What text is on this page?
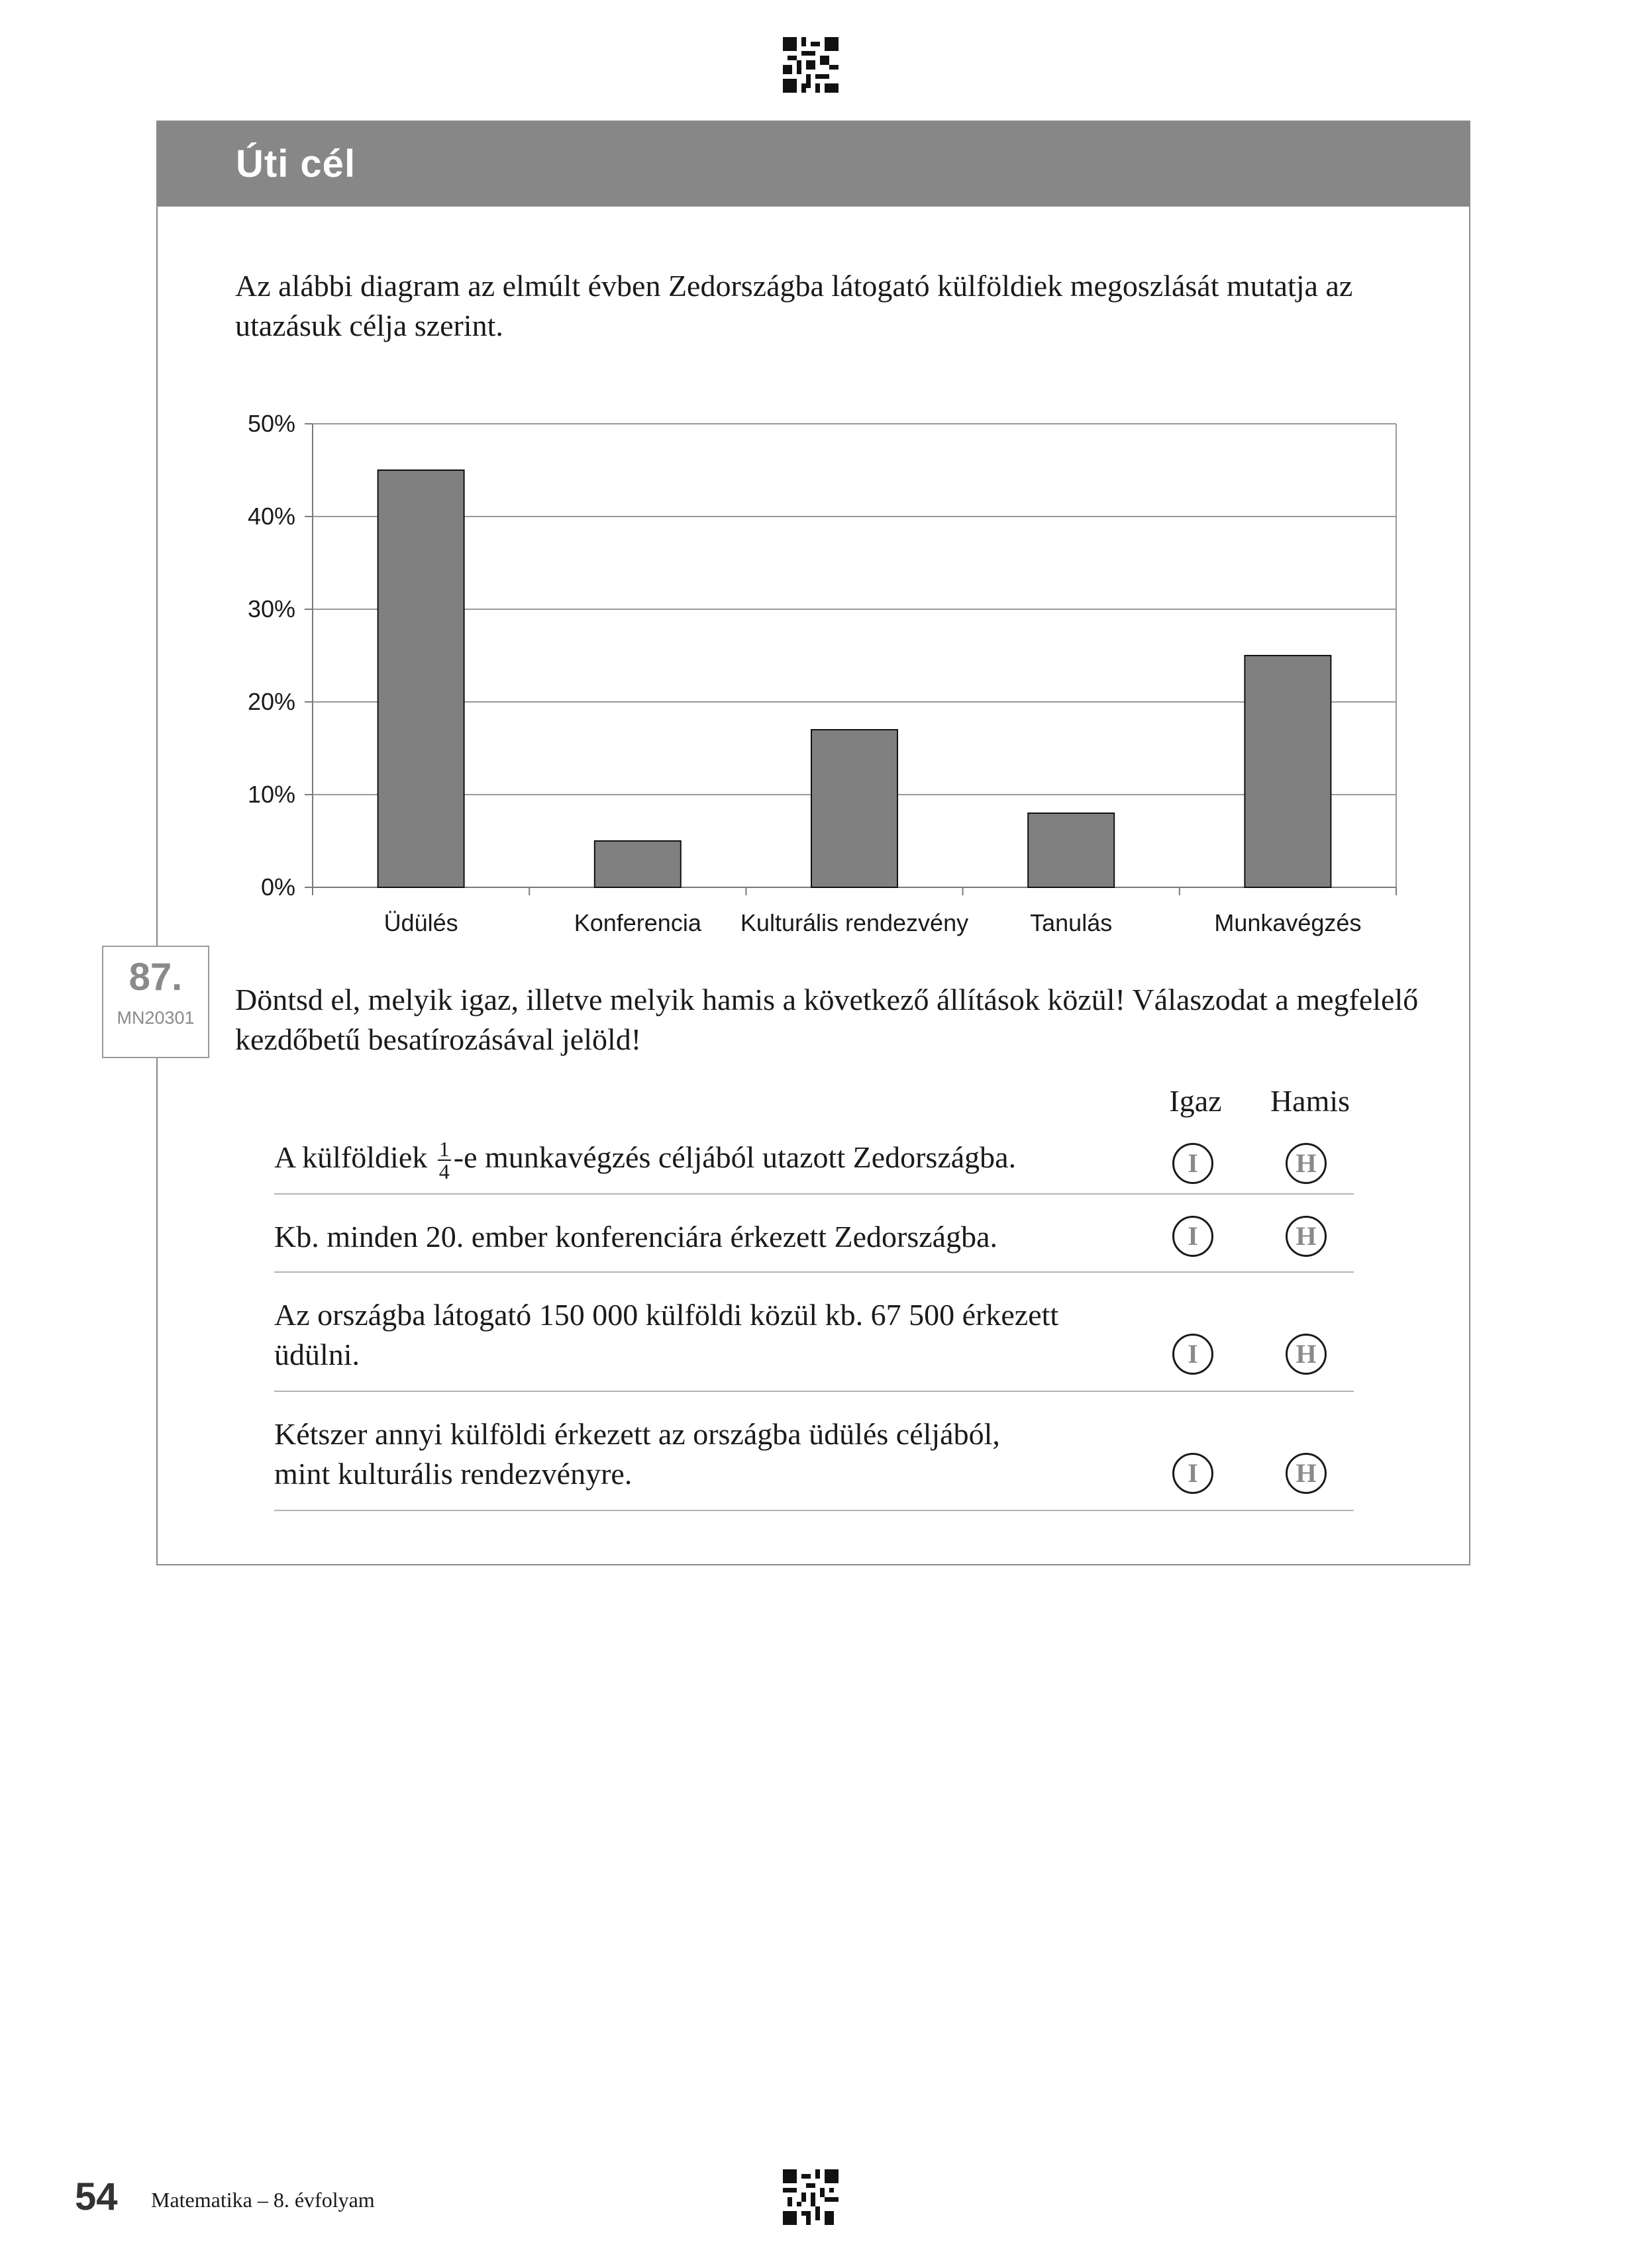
Úti cél
Az alábbi diagram az elmúlt évben Zedországba látogató külföldiek megoszlását mutatja az utazásuk célja szerint.
0%
10%
20%
30%
40%
50%
Üdülés	Konferencia Kulturális rendezvény	Tanulás	Munkavégzés
87.
MN20301
Döntsd el, melyik igaz, illetve melyik hamis a következő állítások közül! Válaszodat a megfelelő kezdőbetű besatírozásával jelöld!
Igaz	Hamis
A külföldiek $\frac{1}{4} -e$ munkavégzés céljából utazott Zedországba.	I	H
Kb. minden 20. ember konferenciára érkezett Zedországba.	I	H
Az országba látogató 150 000 külföldi közül kb. 67 500 érkezett üdülni.	I	H
Kétszer annyi külföldi érkezett az országba üdülés céljából, mint kulturális rendezvényre.	I	H
54 Matematika – 8. évfolyam
